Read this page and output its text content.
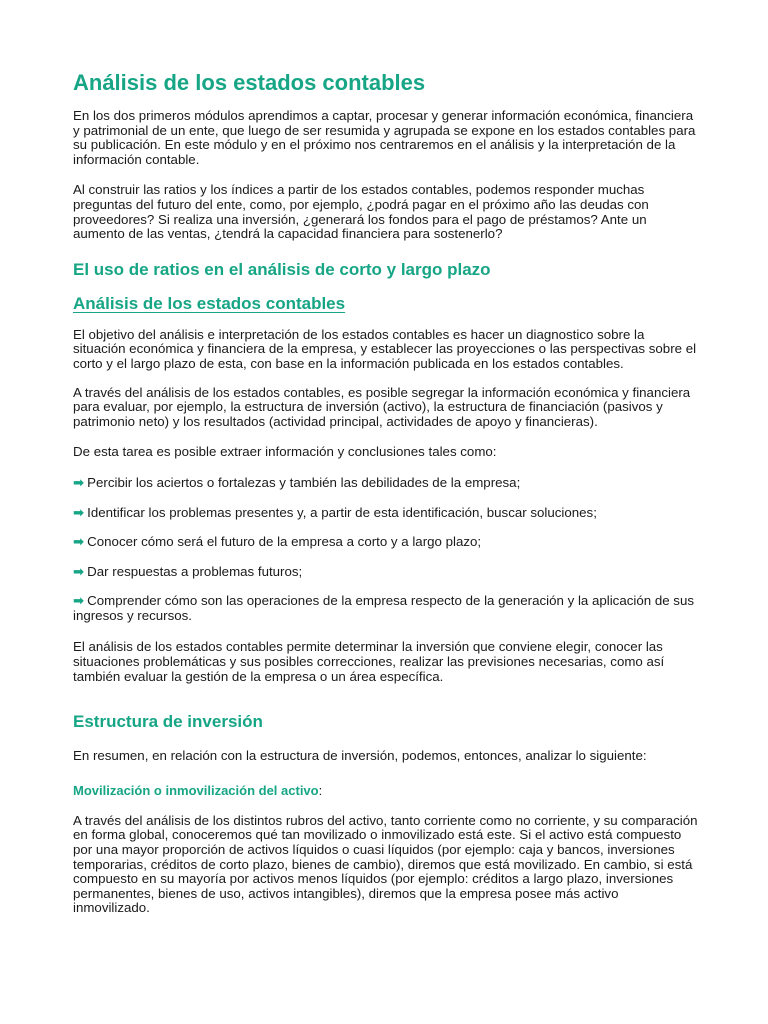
Análisis de los estados contables

En los dos primeros módulos aprendimos a captar, procesar y generar información económica, financiera y patrimonial de un ente, que luego de ser resumida y agrupada se expone en los estados contables para su publicación. En este módulo y en el próximo nos centraremos en el análisis y la interpretación de la información contable.

Al construir las ratios y los índices a partir de los estados contables, podemos responder muchas preguntas del futuro del ente, como, por ejemplo, ¿podrá pagar en el próximo año las deudas con proveedores? Si realiza una inversión, ¿generará los fondos para el pago de préstamos? Ante un aumento de las ventas, ¿tendrá la capacidad financiera para sostenerlo?

El uso de ratios en el análisis de corto y largo plazo
Análisis de los estados contables

El objetivo del análisis e interpretación de los estados contables es hacer un diagnostico sobre la situación económica y financiera de la empresa, y establecer las proyecciones o las perspectivas sobre el corto y el largo plazo de esta, con base en la información publicada en los estados contables.

A través del análisis de los estados contables, es posible segregar la información económica y financiera para evaluar, por ejemplo, la estructura de inversión (activo), la estructura de financiación (pasivos y patrimonio neto) y los resultados (actividad principal, actividades de apoyo y financieras).

De esta tarea es posible extraer información y conclusiones tales como:

➡ Percibir los aciertos o fortalezas y también las debilidades de la empresa;
➡ Identificar los problemas presentes y, a partir de esta identificación, buscar soluciones;
➡ Conocer cómo será el futuro de la empresa a corto y a largo plazo;
➡ Dar respuestas a problemas futuros;
➡ Comprender cómo son las operaciones de la empresa respecto de la generación y la aplicación de sus ingresos y recursos.

El análisis de los estados contables permite determinar la inversión que conviene elegir, conocer las situaciones problemáticas y sus posibles correcciones, realizar las previsiones necesarias, como así también evaluar la gestión de la empresa o un área específica.

Estructura de inversión

En resumen, en relación con la estructura de inversión, podemos, entonces, analizar lo siguiente:

Movilización o inmovilización del activo:

A través del análisis de los distintos rubros del activo, tanto corriente como no corriente, y su comparación en forma global, conoceremos qué tan movilizado o inmovilizado está este. Si el activo está compuesto por una mayor proporción de activos líquidos o cuasi líquidos (por ejemplo: caja y bancos, inversiones temporarias, créditos de corto plazo, bienes de cambio), diremos que está movilizado. En cambio, si está compuesto en su mayoría por activos menos líquidos (por ejemplo: créditos a largo plazo, inversiones permanentes, bienes de uso, activos intangibles), diremos que la empresa posee más activo inmovilizado.
